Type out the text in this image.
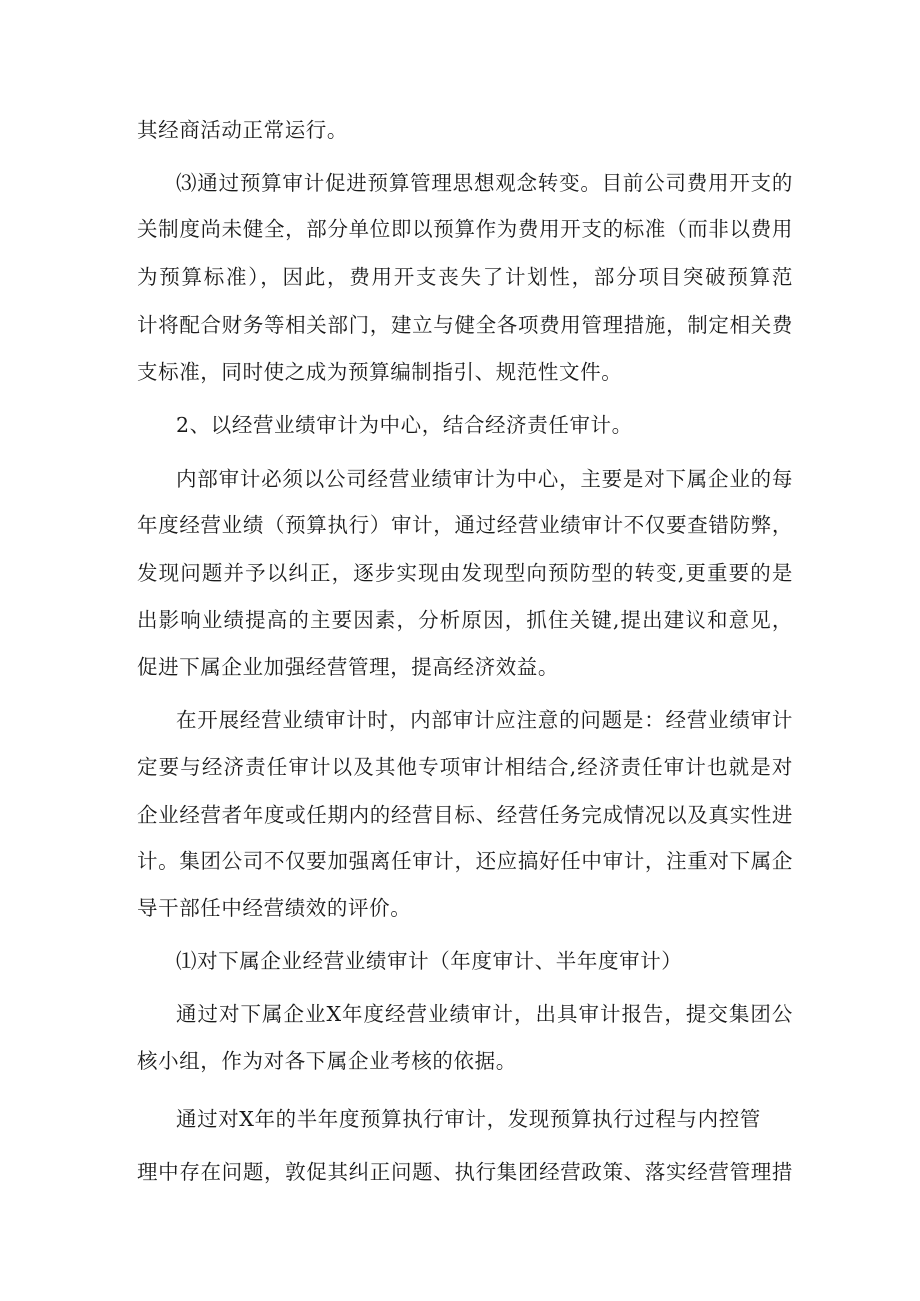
其经商活动正常运行。
⑶通过预算审计促进预算管理思想观念转变。目前公司费用开支的
关制度尚未健全，部分单位即以预算作为费用开支的标准（而非以费用
为预算标准），因此，费用开支丧失了计划性，部分项目突破预算范
计将配合财务等相关部门，建立与健全各项费用管理措施，制定相关费
支标准，同时使之成为预算编制指引、规范性文件。
2、以经营业绩审计为中心，结合经济责任审计。
内部审计必须以公司经营业绩审计为中心，主要是对下属企业的每
年度经营业绩（预算执行）审计，通过经营业绩审计不仅要查错防弊，
发现问题并予以纠正，逐步实现由发现型向预防型的转变,更重要的是
出影响业绩提高的主要因素，分析原因，抓住关键,提出建议和意见，
促进下属企业加强经营管理，提高经济效益。
在开展经营业绩审计时，内部审计应注意的问题是：经营业绩审计
定要与经济责任审计以及其他专项审计相结合,经济责任审计也就是对
企业经营者年度或任期内的经营目标、经营任务完成情况以及真实性进
计。集团公司不仅要加强离任审计，还应搞好任中审计，注重对下属企
导干部任中经营绩效的评价。
⑴对下属企业经营业绩审计（年度审计、半年度审计）
通过对下属企业X年度经营业绩审计，出具审计报告，提交集团公
核小组，作为对各下属企业考核的依据。
通过对X年的半年度预算执行审计，发现预算执行过程与内控管
理中存在问题，敦促其纠正问题、执行集团经营政策、落实经营管理措
